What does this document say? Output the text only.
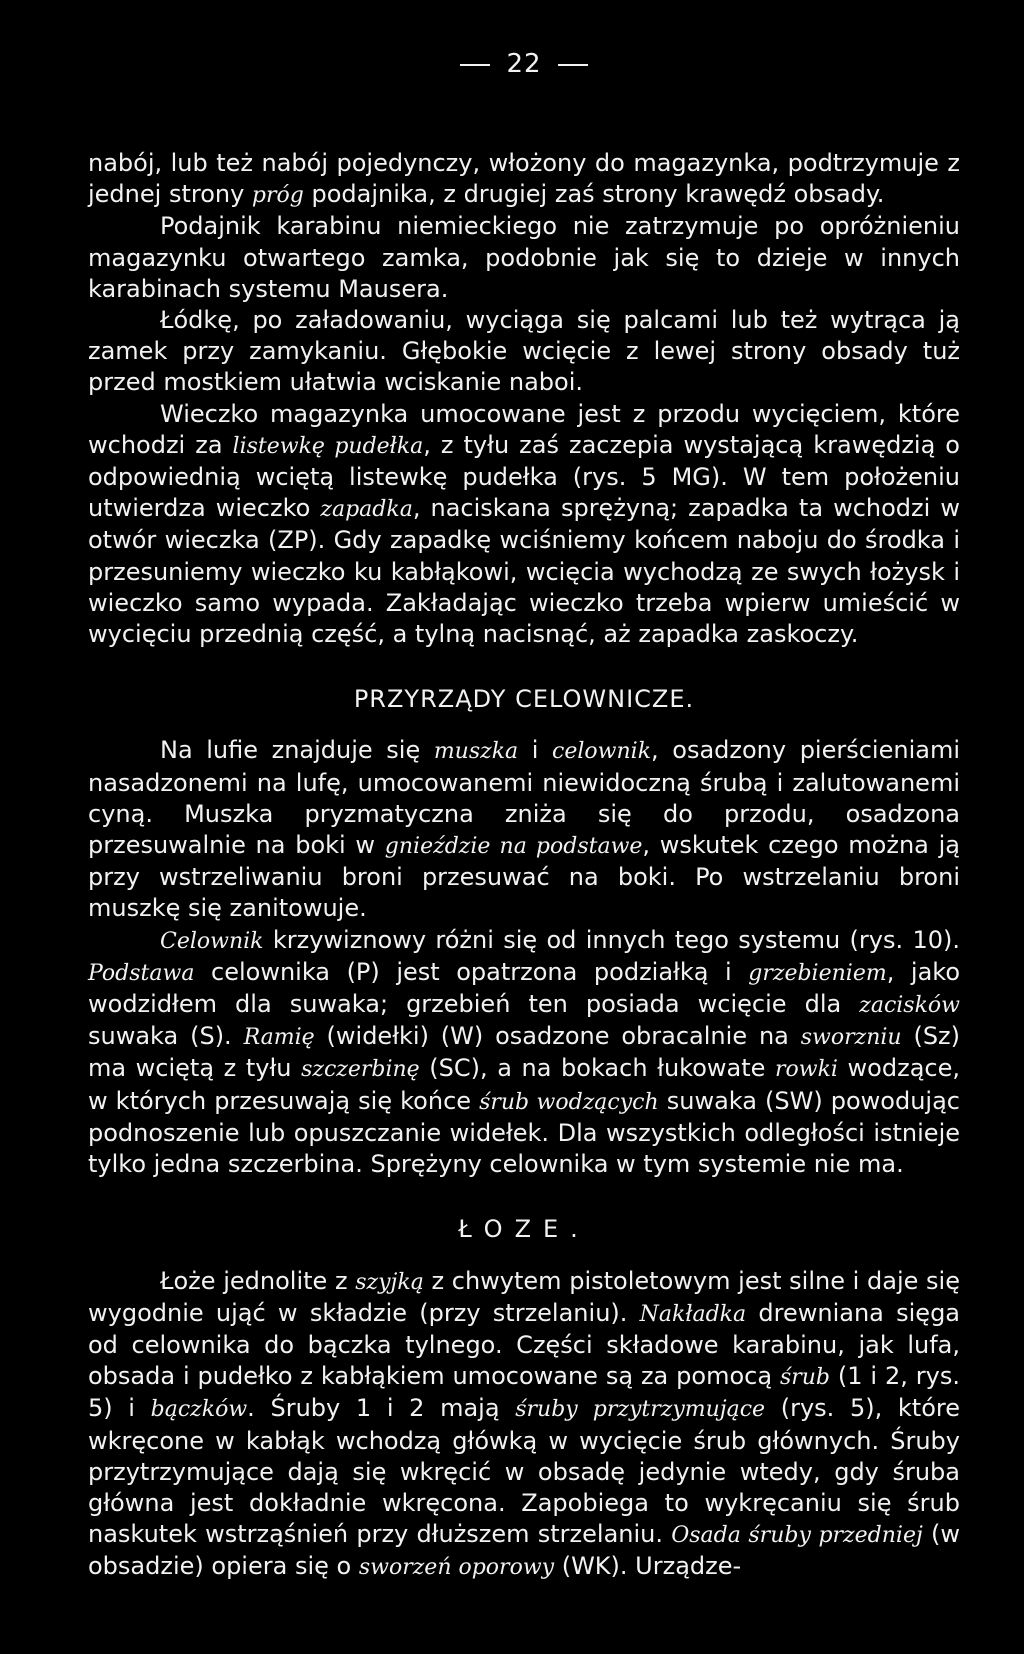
22

nabój, lub też nabój pojedynczy, włożony do magazynka, podtrzymuje z jednej strony próg podajnika, z drugiej zaś strony krawędź obsady.

Podajnik karabinu niemieckiego nie zatrzymuje po opróżnieniu magazynku otwartego zamka, podobnie jak się to dzieje w innych karabinach systemu Mausera.

Łódkę, po załadowaniu, wyciąga się palcami lub też wytrąca ją zamek przy zamykaniu. Głębokie wcięcie z lewej strony obsady tuż przed mostkiem ułatwia wciskanie naboi.

Wieczko magazynka umocowane jest z przodu wycięciem, które wchodzi za listewkę pudełka, z tyłu zaś zaczepia wystającą krawędzią o odpowiednią wciętą listewkę pudełka (rys. 5 MG). W tem położeniu utwierdza wieczko zapadka, naciskana sprężyną; zapadka ta wchodzi w otwór wieczka (ZP). Gdy zapadkę wciśniemy końcem naboju do środka i przesuniemy wieczko ku kabłąkowi, wcięcia wychodzą ze swych łożysk i wieczko samo wypada. Zakładając wieczko trzeba wpierw umieścić w wycięciu przednią część, a tylną nacisnąć, aż zapadka zaskoczy.

PRZYRZĄDY CELOWNICZE.

Na lufie znajduje się muszka i celownik, osadzony pierścieniami nasadzonemi na lufę, umocowanemi niewidoczną śrubą i zalutowanemi cyną. Muszka pryzmatyczna zniża się do przodu, osadzona przesuwalnie na boki w gnieździe na podstawe, wskutek czego można ją przy wstrzeliwaniu broni przesuwać na boki. Po wstrzelaniu broni muszkę się zanitowuje.

Celownik krzywiznowy różni się od innych tego systemu (rys. 10). Podstawa celownika (P) jest opatrzona podziałką i grzebieniem, jako wodzidłem dla suwaka; grzebień ten posiada wcięcie dla zacisków suwaka (S). Ramię (widełki) (W) osadzone obracalnie na sworzniu (Sz) ma wciętą z tyłu szczerbinę (SC), a na bokach łukowate rowki wodzące, w których przesuwają się końce śrub wodzących suwaka (SW) powodując podnoszenie lub opuszczanie widełek. Dla wszystkich odległości istnieje tylko jedna szczerbina. Sprężyny celownika w tym systemie nie ma.

ŁOZE.

Łoże jednolite z szyjką z chwytem pistoletowym jest silne i daje się wygodnie ująć w składzie (przy strzelaniu). Nakładka drewniana sięga od celownika do bączka tylnego. Części składowe karabinu, jak lufa, obsada i pudełko z kabłąkiem umocowane są za pomocą śrub (1 i 2, rys. 5) i bączków. Śruby 1 i 2 mają śruby przytrzymujące (rys. 5), które wkręcone w kabłąk wchodzą główką w wycięcie śrub głównych. Śruby przytrzymujące dają się wkręcić w obsadę jedynie wtedy, gdy śruba główna jest dokładnie wkręcona. Zapobiega to wykręcaniu się śrub naskutek wstrząśnień przy dłuższem strzelaniu. Osada śruby przedniej (w obsadzie) opiera się o sworzeń oporowy (WK). Urządze-
